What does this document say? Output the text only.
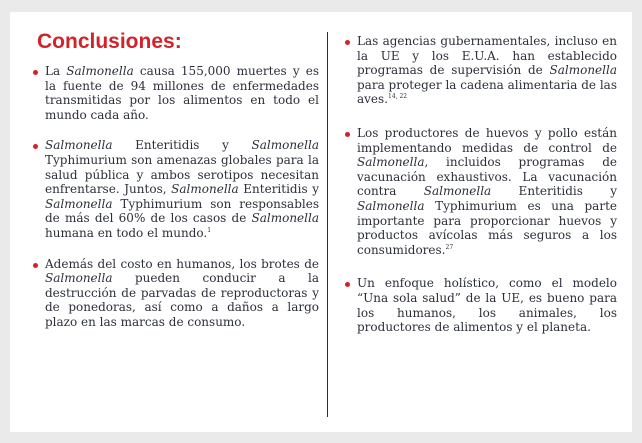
Conclusiones:
La Salmonella causa 155,000 muertes y es la fuente de 94 millones de enfermedades transmitidas por los alimentos en todo el mundo cada año.
Salmonella Enteritidis y Salmonella Typhimurium son amenazas globales para la salud pública y ambos serotipos necesitan enfrentarse. Juntos, Salmonella Enteritidis y Salmonella Typhimurium son responsables de más del 60% de los casos de Salmonella humana en todo el mundo.$^1$
Además del costo en humanos, los brotes de Salmonella pueden conducir a la destrucción de parvadas de reproductoras y de ponedoras, así como a daños a largo plazo en las marcas de consumo.
Las agencias gubernamentales, incluso en la UE y los E.U.A. han establecido programas de supervisión de Salmonella para proteger la cadena alimentaria de las aves.$^{14, 22}$
Los productores de huevos y pollo están implementando medidas de control de Salmonella, incluidos programas de vacunación exhaustivos. La vacunación contra Salmonella Enteritidis y Salmonella Typhimurium es una parte importante para proporcionar huevos y productos avícolas más seguros a los consumidores.$^{27}$
Un enfoque holístico, como el modelo “Una sola salud” de la UE, es bueno para los humanos, los animales, los productores de alimentos y el planeta.
